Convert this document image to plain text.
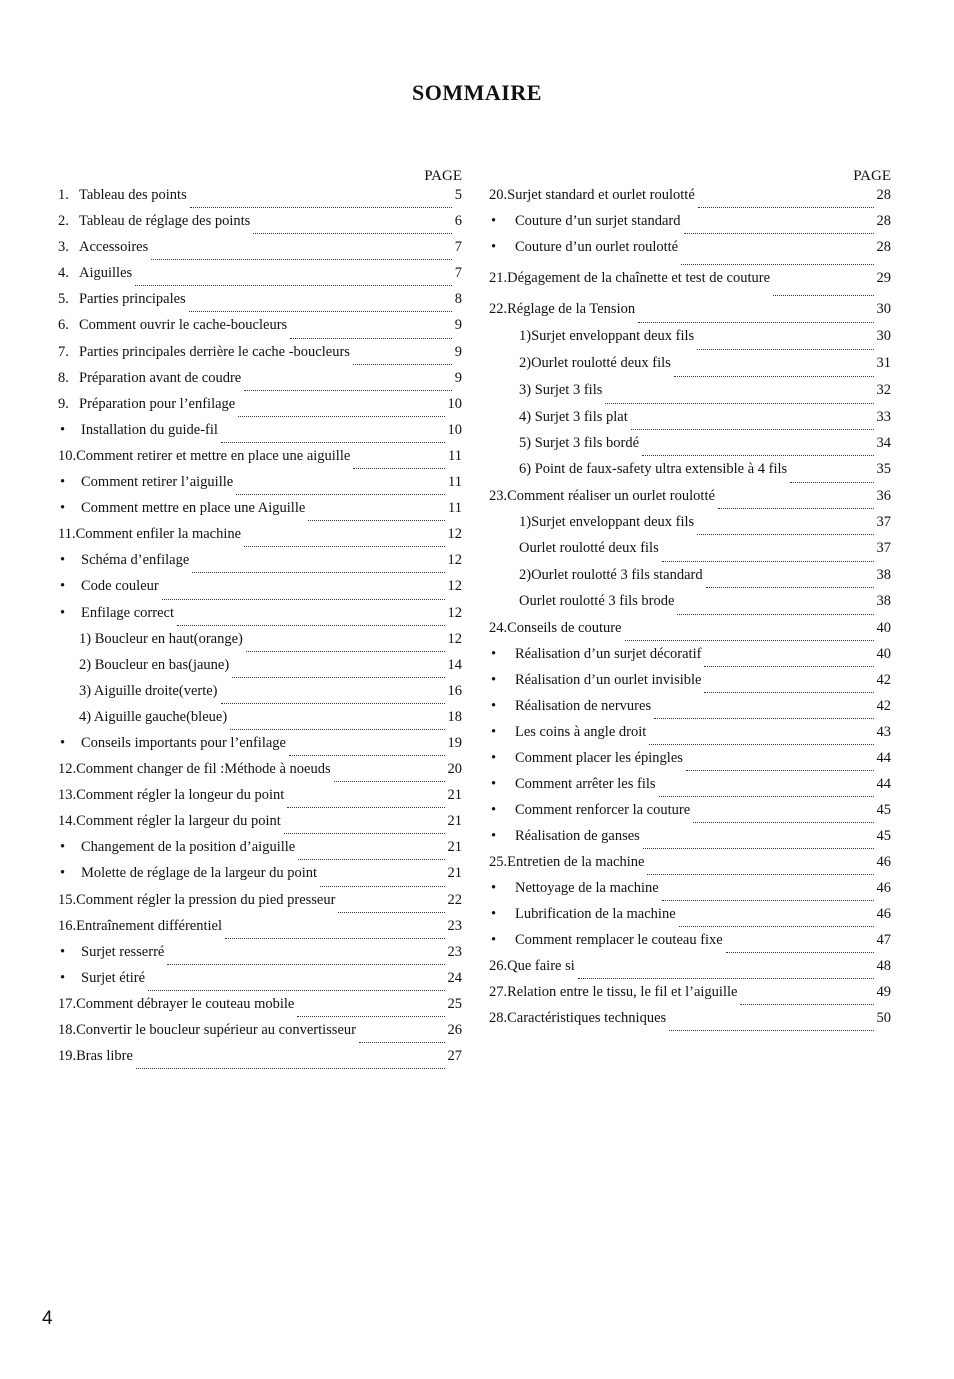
SOMMAIRE
PAGE
1. Tableau des points	5
2. Tableau de réglage des points	6
3. Accessoires	7
4. Aiguilles	7
5. Parties principales	8
6. Comment ouvrir le cache-boucleurs	9
7. Parties principales derrière le cache -boucleurs	9
8. Préparation avant de coudre	9
9. Préparation pour l’enfilage	10
•	Installation du guide-fil	10
10. Comment retirer et mettre en place une aiguille	11
•	Comment retirer l’aiguille	11
•	Comment mettre en place une Aiguille	11
11. Comment enfiler la machine	12
•	Schéma d’enfilage	12
•	Code couleur	12
•	Enfilage correct	12
1) Boucleur en haut(orange)	12
2) Boucleur en bas(jaune)	14
3) Aiguille droite(verte)	16
4) Aiguille gauche(bleue)	18
•	Conseils importants pour l’enfilage	19
12. Comment changer de fil :Méthode à noeuds	20
13. Comment régler la longeur du point	21
14. Comment régler la largeur du point	21
•	Changement de la position d’aiguille	21
•	Molette de réglage de la largeur du point	21
15. Comment régler la pression du pied presseur	22
16. Entraînement différentiel	23
•	Surjet resserré	23
•	Surjet étiré	24
17. Comment débrayer le couteau mobile	25
18. Convertir le boucleur supérieur au convertisseur	26
19. Bras libre	27
PAGE
20. Surjet standard et ourlet roulotté	28
•	Couture d’un surjet standard	28
•	Couture d’un ourlet roulotté	28
21. Dégagement de la chaînette et test de couture	29
22. Réglage de la Tension	30
1)Surjet enveloppant deux fils	30
2)Ourlet roulotté deux fils	31
3) Surjet 3 fils	32
4) Surjet 3 fils plat	33
5) Surjet 3 fils bordé	34
6) Point de faux-safety ultra extensible à 4 fils	35
23. Comment réaliser un ourlet roulotté	36
1)Surjet enveloppant deux fils	37
Ourlet roulotté deux fils	37
2)Ourlet roulotté 3 fils standard	38
Ourlet roulotté 3 fils brode	38
24. Conseils de couture	40
•	Réalisation d’un surjet décoratif	40
•	Réalisation d’un ourlet invisible	42
•	Réalisation de nervures	42
•	Les coins à angle droit	43
•	Comment placer les épingles	44
•	Comment arrêter les fils	44
•	Comment renforcer la couture	45
•	Réalisation de ganses	45
25. Entretien de la machine	46
•	Nettoyage de la machine	46
•	Lubrification de la machine	46
•	Comment remplacer le couteau fixe	47
26. Que faire si	48
27. Relation entre le tissu, le fil et l’aiguille	49
28. Caractéristiques techniques	50
4
